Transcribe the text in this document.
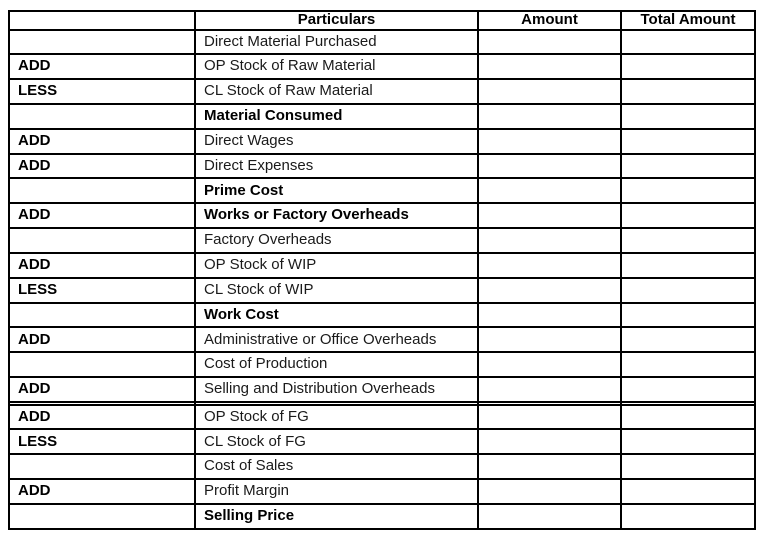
	Particulars	Amount	Total Amount
	Direct Material Purchased		
ADD	OP Stock of Raw Material		
LESS	CL Stock of Raw Material		
	Material Consumed		
ADD	Direct Wages		
ADD	Direct Expenses		
	Prime Cost		
ADD	Works or Factory Overheads		
	Factory Overheads		
ADD	OP Stock of WIP		
LESS	CL Stock of WIP		
	Work Cost		
ADD	Administrative or Office Overheads		
	Cost of Production		
ADD	Selling and Distribution Overheads		

ADD	OP Stock of FG		
LESS	CL Stock of FG		
	Cost of Sales		
ADD	Profit Margin		
	Selling Price		
